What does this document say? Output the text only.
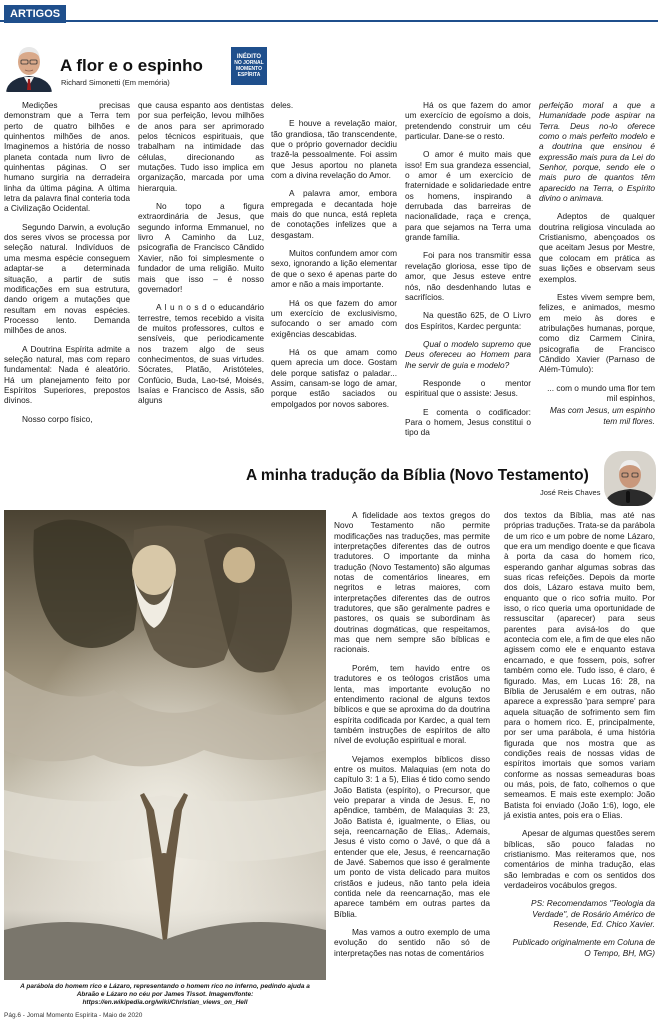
ARTIGOS
A flor e o espinho
Richard Simonetti (Em memória)
INÉDITO
NO JORNAL
MOMENTO
ESPÍRITA

Medições precisas demonstram que a Terra tem perto de quatro bilhões e quinhentos milhões de anos. Imaginemos a história de nosso planeta contada num livro de quinhentas páginas. O ser humano surgiria na derradeira linha da última página. A última letra da palavra final conteria toda a Civilização Ocidental.

Segundo Darwin, a evolução dos seres vivos se processa por seleção natural. Indivíduos de uma mesma espécie conseguem adaptar-se a determinada situação, a partir de sutis modificações em sua estrutura, dando origem a mutações que resultam em novas espécies. Processo lento. Demanda milhões de anos.

A Doutrina Espírita admite a seleção natural, mas com reparo fundamental: Nada é aleatório. Há um planejamento feito por Espíritos Superiores, prepostos divinos.

Nosso corpo físico,

que causa espanto aos dentistas por sua perfeição, levou milhões de anos para ser aprimorado pelos técnicos espirituais, que trabalham na intimidade das células, direcionando as mutações. Tudo isso implica em organização, marcada por uma hierarquia.

No topo a figura extraordinária de Jesus, que segundo informa Emmanuel, no livro A Caminho da Luz, psicografia de Francisco Cândido Xavier, não foi simplesmente o fundador de uma religião. Muito mais que isso – é nosso governador!

A l u n o s d o educandário terrestre, temos recebido a visita de muitos professores, cultos e sensíveis, que periodicamente nos trazem algo de seus conhecimentos, de suas virtudes. Sócrates, Platão, Aristóteles, Confúcio, Buda, Lao-tsé, Moisés, Isaías e Francisco de Assis, são alguns

deles.

E houve a revelação maior, tão grandiosa, tão transcendente, que o próprio governador decidiu trazê-la pessoalmente. Foi assim que Jesus aportou no planeta com a divina revelação do Amor.

A palavra amor, embora empregada e decantada hoje mais do que nunca, está repleta de conotações infelizes que a desgastam.

Muitos confundem amor com sexo, ignorando a lição elementar de que o sexo é apenas parte do amor e não a mais importante.

Há os que fazem do amor um exercício de exclusivismo, sufocando o ser amado com exigências descabidas.

Há os que amam como quem aprecia um doce. Gostam dele porque satisfaz o paladar... Assim, cansam-se logo de amar, porque estão saciados ou empolgados por novos sabores.

Há os que fazem do amor um exercício de egoísmo a dois, pretendendo construir um céu particular. Dane-se o resto.

O amor é muito mais que isso! Em sua grandeza essencial, o amor é um exercício de fraternidade e solidariedade entre os homens, inspirando a derrubada das barreiras de nacionalidade, raça e crença, para que sejamos na Terra uma grande família.

Foi para nos transmitir essa revelação gloriosa, esse tipo de amor, que Jesus esteve entre nós, não desdenhando lutas e sacrifícios.

Na questão 625, de O Livro dos Espíritos, Kardec pergunta:

Qual o modelo supremo que Deus ofereceu ao Homem para lhe servir de guia e modelo?

Responde o mentor espiritual que o assiste: Jesus.

E comenta o codificador: Para o homem, Jesus constitui o tipo da

perfeição moral a que a Humanidade pode aspirar na Terra. Deus no-lo oferece como o mais perfeito modelo e a doutrina que ensinou é expressão mais pura da Lei do Senhor, porque, sendo ele o mais puro de quantos têm aparecido na Terra, o Espírito divino o animava.

Adeptos de qualquer doutrina religiosa vinculada ao Cristianismo, abençoados os que aceitam Jesus por Mestre, que colocam em prática as suas lições e observam seus exemplos.

Estes vivem sempre bem, felizes, e animados, mesmo em meio às dores e atribulações humanas, porque, como diz Carmem Cinira, psicografia de Francisco Cândido Xavier (Parnaso de Além-Túmulo):

... com o mundo uma flor tem mil espinhos,

Mas com Jesus, um espinho tem mil flores.

A minha tradução da Bíblia (Novo Testamento)
José Reis Chaves
A parábola do homem rico e Lázaro, representando o homem rico no inferno, pedindo ajuda a Abraão e Lázaro no céu por James Tissot. Imagem/fonte: https://en.wikipedia.org/wiki/Christian_views_on_Hell

A fidelidade aos textos gregos do Novo Testamento não permite modificações nas traduções, mas permite interpretações diferentes das de outros tradutores. O importante da minha tradução (Novo Testamento) são algumas notas de comentários lineares, em negritos e letras maiores, com interpretações diferentes das de outros tradutores, que são geralmente padres e pastores, os quais se subordinam às doutrinas dogmáticas, que respeitamos, mas que nem sempre são bíblicas e racionais.

Porém, tem havido entre os tradutores e os teólogos cristãos uma lenta, mas importante evolução no entendimento racional de alguns textos bíblicos e que se aproxima do da doutrina espírita codificada por Kardec, a qual tem também instruções de espíritos de alto nível de evolução espiritual e moral.

Vejamos exemplos bíblicos disso entre os muitos. Malaquias (em nota do capítulo 3: 1 a 5), Elias é tido como sendo João Batista (espírito), o Precursor, que veio preparar a vinda de Jesus. E, no apêndice, também, de Malaquias 3: 23, João Batista é, igualmente, o Elias, ou seja, reencarnação de Elias,. Ademais, Jesus é visto como o Javé, o que dá a entender que ele, Jesus, é reencarnação de Javé. Sabemos que isso é geralmente um ponto de vista delicado para muitos cristãos e judeus, não tanto pela ideia contida nele da reencarnação, mas ele aparece também em outras partes da Bíblia.

Mas vamos a outro exemplo de uma evolução do sentido não só de interpretações nas notas de comentários

dos textos da Bíblia, mas até nas próprias traduções. Trata-se da parábola de um rico e um pobre de nome Lázaro, que era um mendigo doente e que ficava à porta da casa do homem rico, esperando ganhar algumas sobras das suas ricas refeições. Depois da morte dos dois, Lázaro estava muito bem, enquanto que o rico sofria muito. Por isso, o rico queria uma oportunidade de ressuscitar (aparecer) para seus parentes para avisá-los do que acontecia com ele, a fim de que eles não agissem como ele e enquanto estava encarnado, e que fossem, pois, sofrer também como ele. Tudo isso, é claro, é figurado. Mas, em Lucas 16: 28, na Bíblia de Jerusalém e em outras, não aparece a expressão 'para sempre' para aquela situação de sofrimento sem fim para o homem rico. E, principalmente, por ser uma parábola, é uma história figurada que nos mostra que as condições reais de nossas vidas de espíritos imortais que somos variam conforme as nossas semeaduras boas ou más, pois, de fato, colhemos o que semeamos. E mais este exemplo: João Batista foi enviado (João 1:6), logo, ele já existia antes, pois era o Elias.

Apesar de algumas questões serem bíblicas, são pouco faladas no cristianismo. Mas reiteramos que, nos comentários de minha tradução, elas são lembradas e com os sentidos dos verdadeiros vocábulos gregos.

PS: Recomendamos "Teologia da Verdade", de Rosário Américo de Resende, Ed. Chico Xavier.

Publicado originalmente em Coluna de O Tempo, BH, MG)

Pág.6 - Jornal Momento Espírita - Maio de 2020
